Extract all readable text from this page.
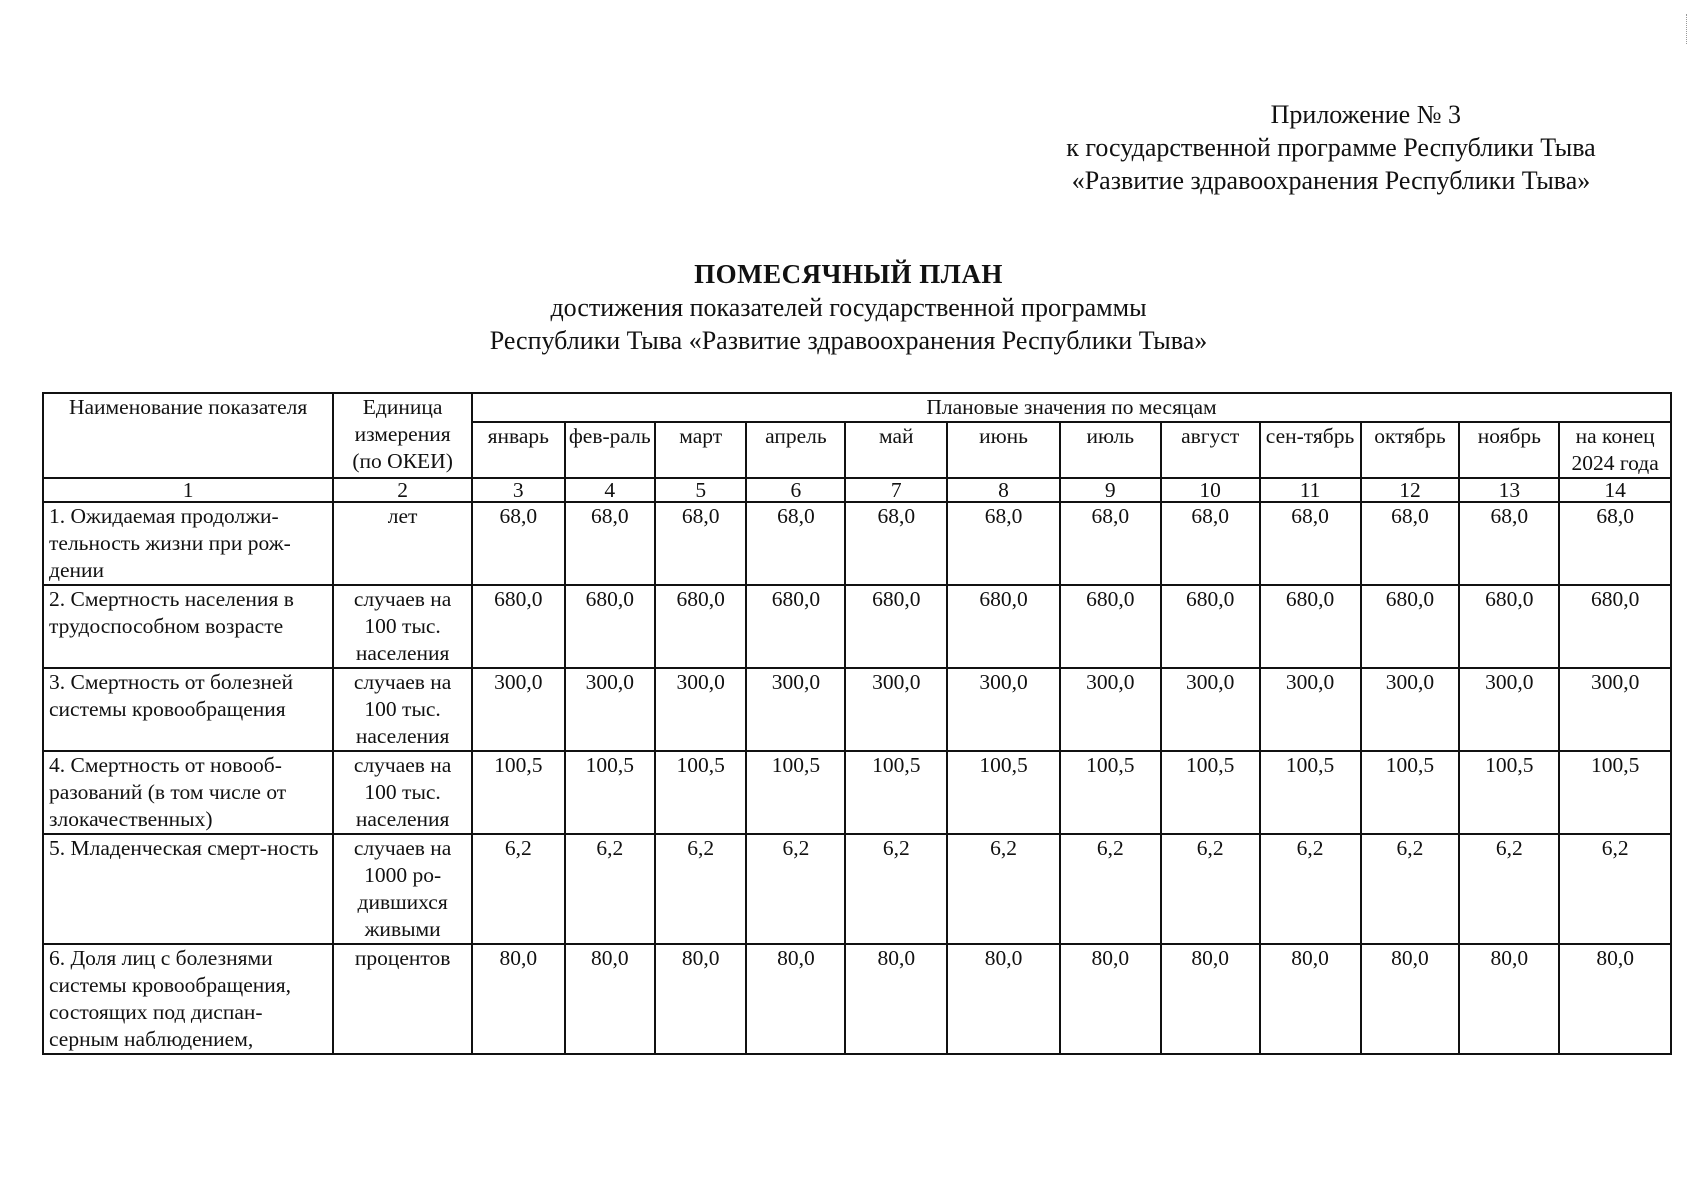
Приложение № 3
к государственной программе Республики Тыва
«Развитие здравоохранения Республики Тыва»
ПОМЕСЯЧНЫЙ ПЛАН
достижения показателей государственной программы
Республики Тыва «Развитие здравоохранения Республики Тыва»
Наименование показателя	Единица измерения (по ОКЕИ)	Плановые значения по месяцам											
		январь	фев-раль	март	апрель	май	июнь	июль	август	сен-тябрь	октябрь	ноябрь	на конец 2024 года
1	2	3	4	5	6	7	8	9	10	11	12	13	14
1. Ожидаемая продолжи-тельность жизни при рож-дении	лет	68,0	68,0	68,0	68,0	68,0	68,0	68,0	68,0	68,0	68,0	68,0	68,0
2. Смертность населения в трудоспособном возрасте	случаев на 100 тыс. населения	680,0	680,0	680,0	680,0	680,0	680,0	680,0	680,0	680,0	680,0	680,0	680,0
3. Смертность от болезней системы кровообращения	случаев на 100 тыс. населения	300,0	300,0	300,0	300,0	300,0	300,0	300,0	300,0	300,0	300,0	300,0	300,0
4. Смертность от новооб-разований (в том числе от злокачественных)	случаев на 100 тыс. населения	100,5	100,5	100,5	100,5	100,5	100,5	100,5	100,5	100,5	100,5	100,5	100,5
5. Младенческая смерт-ность	случаев на 1000 ро-дившихся живыми	6,2	6,2	6,2	6,2	6,2	6,2	6,2	6,2	6,2	6,2	6,2	6,2
6. Доля лиц с болезнями системы кровообращения, состоящих под диспан-серным наблюдением,	процентов	80,0	80,0	80,0	80,0	80,0	80,0	80,0	80,0	80,0	80,0	80,0	80,0
